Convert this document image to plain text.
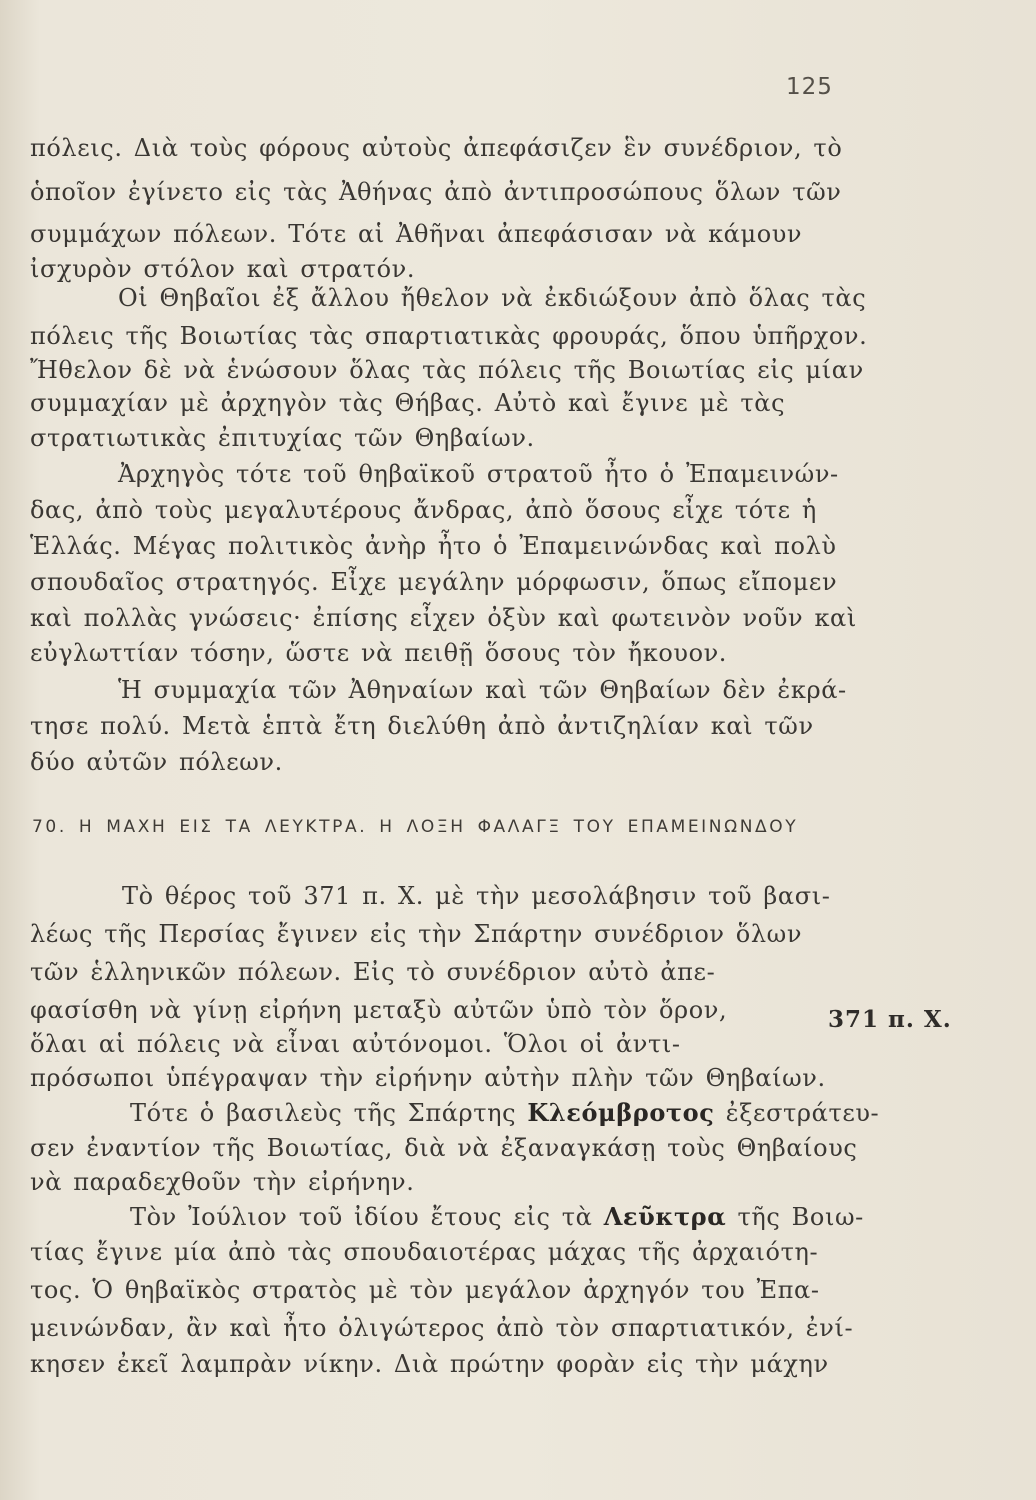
125
πόλεις. Διὰ τοὺς φόρους αὐτοὺς ἀπεφάσιζεν ἓν συνέδριον, τὸ
ὁποῖον ἐγίνετο εἰς τὰς Ἀθήνας ἀπὸ ἀντιπροσώπους ὅλων τῶν
συμμάχων πόλεων. Τότε αἱ Ἀθῆναι ἀπεφάσισαν νὰ κάμουν
ἰσχυρὸν στόλον καὶ στρατόν.
Οἱ Θηβαῖοι ἐξ ἄλλου ἤθελον νὰ ἐκδιώξουν ἀπὸ ὅλας τὰς
πόλεις τῆς Βοιωτίας τὰς σπαρτιατικὰς φρουράς, ὅπου ὑπῆρχον.
Ἤθελον δὲ νὰ ἑνώσουν ὅλας τὰς πόλεις τῆς Βοιωτίας εἰς μίαν
συμμαχίαν μὲ ἀρχηγὸν τὰς Θήβας. Αὐτὸ καὶ ἔγινε μὲ τὰς
στρατιωτικὰς ἐπιτυχίας τῶν Θηβαίων.
Ἀρχηγὸς τότε τοῦ θηβαϊκοῦ στρατοῦ ἦτο ὁ Ἐπαμεινών-
δας, ἀπὸ τοὺς μεγαλυτέρους ἄνδρας, ἀπὸ ὅσους εἶχε τότε ἡ
Ἑλλάς. Μέγας πολιτικὸς ἀνὴρ ἦτο ὁ Ἐπαμεινώνδας καὶ πολὺ
σπουδαῖος στρατηγός. Εἶχε μεγάλην μόρφωσιν, ὅπως εἴπομεν
καὶ πολλὰς γνώσεις· ἐπίσης εἶχεν ὀξὺν καὶ φωτεινὸν νοῦν καὶ
εὐγλωττίαν τόσην, ὥστε νὰ πειθῇ ὅσους τὸν ἤκουον.
Ἡ συμμαχία τῶν Ἀθηναίων καὶ τῶν Θηβαίων δὲν ἐκρά-
τησε πολύ. Μετὰ ἑπτὰ ἔτη διελύθη ἀπὸ ἀντιζηλίαν καὶ τῶν
δύο αὐτῶν πόλεων.
70. Η ΜΑΧΗ ΕΙΣ ΤΑ ΛΕΥΚΤΡΑ. Η ΛΟΞΗ ΦΑΛΑΓΞ ΤΟΥ ΕΠΑΜΕΙΝΩΝΔΟΥ
Τὸ θέρος τοῦ 371 π. Χ. μὲ τὴν μεσολάβησιν τοῦ βασι-
λέως τῆς Περσίας ἔγινεν εἰς τὴν Σπάρτην συνέδριον ὅλων
τῶν ἑλληνικῶν πόλεων. Εἰς τὸ συνέδριον αὐτὸ ἀπε-
φασίσθη νὰ γίνῃ εἰρήνη μεταξὺ αὐτῶν ὑπὸ τὸν ὅρον,
ὅλαι αἱ πόλεις νὰ εἶναι αὐτόνομοι. Ὅλοι οἱ ἀντι-
πρόσωποι ὑπέγραψαν τὴν εἰρήνην αὐτὴν πλὴν τῶν Θηβαίων.
371 π. Χ.
Τότε ὁ βασιλεὺς τῆς Σπάρτης Κλεόμβροτος ἐξεστράτευ-
σεν ἐναντίον τῆς Βοιωτίας, διὰ νὰ ἐξαναγκάσῃ τοὺς Θηβαίους
νὰ παραδεχθοῦν τὴν εἰρήνην.
Τὸν Ἰούλιον τοῦ ἰδίου ἔτους εἰς τὰ Λεῦκτρα τῆς Βοιω-
τίας ἔγινε μία ἀπὸ τὰς σπουδαιοτέρας μάχας τῆς ἀρχαιότη-
τος. Ὁ θηβαϊκὸς στρατὸς μὲ τὸν μεγάλον ἀρχηγόν του Ἐπα-
μεινώνδαν, ἂν καὶ ἦτο ὀλιγώτερος ἀπὸ τὸν σπαρτιατικόν, ἐνί-
κησεν ἐκεῖ λαμπρὰν νίκην. Διὰ πρώτην φορὰν εἰς τὴν μάχην
